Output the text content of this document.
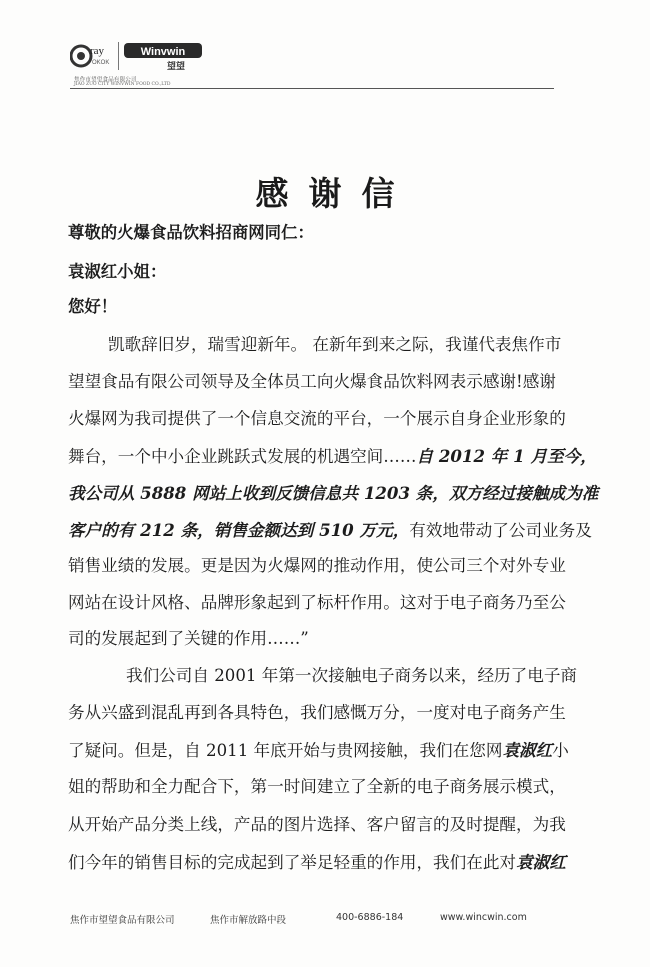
ray
OKOK
Winvwin
望望
焦作市望望食品有限公司
JIAO ZUO CITY WINVWIN FOOD CO.,LTD
感谢信
尊敬的火爆食品饮料招商网同仁：
袁淑红小姐：
您好！
凯歌辞旧岁，瑞雪迎新年。 在新年到来之际，我谨代表焦作市
望望食品有限公司领导及全体员工向火爆食品饮料网表示感谢!感谢
火爆网为我司提供了一个信息交流的平台，一个展示自身企业形象的
舞台，一个中小企业跳跃式发展的机遇空间……自 2012 年 1 月至今，
我公司从 5888 网站上收到反馈信息共 1203 条，双方经过接触成为准
客户的有 212 条，销售金额达到 510 万元，有效地带动了公司业务及
销售业绩的发展。更是因为火爆网的推动作用，使公司三个对外专业
网站在设计风格、品牌形象起到了标杆作用。这对于电子商务乃至公
司的发展起到了关键的作用……”
我们公司自 2001 年第一次接触电子商务以来，经历了电子商
务从兴盛到混乱再到各具特色，我们感慨万分，一度对电子商务产生
了疑问。但是，自 2011 年底开始与贵网接触，我们在您网袁淑红小
姐的帮助和全力配合下，第一时间建立了全新的电子商务展示模式，
从开始产品分类上线，产品的图片选择、客户留言的及时提醒，为我
们今年的销售目标的完成起到了举足轻重的作用，我们在此对袁淑红
焦作市望望食品有限公司	焦作市解放路中段	400-6886-184	www.wincwin.com
